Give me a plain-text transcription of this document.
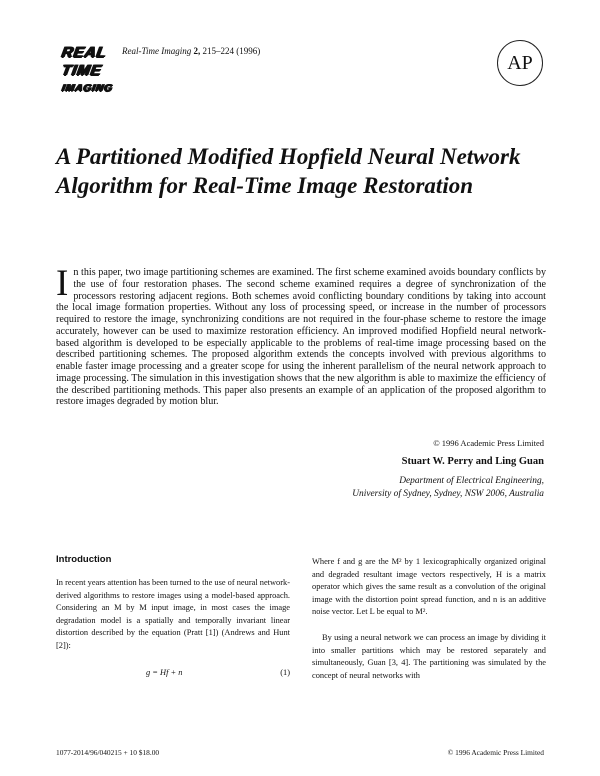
REAL
TIME
IMAGING
Real-Time Imaging 2, 215–224 (1996)
AP
A Partitioned Modified Hopfield Neural Network Algorithm for Real-Time Image Restoration
In this paper, two image partitioning schemes are examined. The first scheme examined avoids boundary conflicts by the use of four restoration phases. The second scheme examined requires a degree of synchronization of the processors restoring adjacent regions. Both schemes avoid conflicting boundary conditions by taking into account the local image formation properties. Without any loss of processing speed, or increase in the number of processors required to restore the image, synchronizing conditions are not required in the four-phase scheme to restore the image accurately, however can be used to maximize restoration efficiency. An improved modified Hopfield neural network-based algorithm is developed to be especially applicable to the problems of real-time image processing based on the described partitioning schemes. The proposed algorithm extends the concepts involved with previous algorithms to enable faster image processing and a greater scope for using the inherent parallelism of the neural network approach to image processing. The simulation in this investigation shows that the new algorithm is able to maximize the efficiency of the described partitioning methods. This paper also presents an example of an application of the proposed algorithm to restore images degraded by motion blur.
© 1996 Academic Press Limited
Stuart W. Perry and Ling Guan
Department of Electrical Engineering,
University of Sydney, Sydney, NSW 2006, Australia
Introduction
In recent years attention has been turned to the use of neural network-derived algorithms to restore images using a model-based approach. Considering an M by M input image, in most cases the image degradation model is a spatially and temporally invariant linear distortion described by the equation (Pratt [1]) (Andrews and Hunt [2]):
g = Hf + n	(1)
Where f and g are the M² by 1 lexicographically organized original and degraded resultant image vectors respectively, H is a matrix operator which gives the same result as a convolution of the original image with the distortion point spread function, and n is an additive noise vector. Let L be equal to M².
By using a neural network we can process an image by dividing it into smaller partitions which may be restored separately and simultaneously, Guan [3, 4]. The partitioning was simulated by the concept of neural networks with
1077-2014/96/040215 + 10 $18.00	© 1996 Academic Press Limited
